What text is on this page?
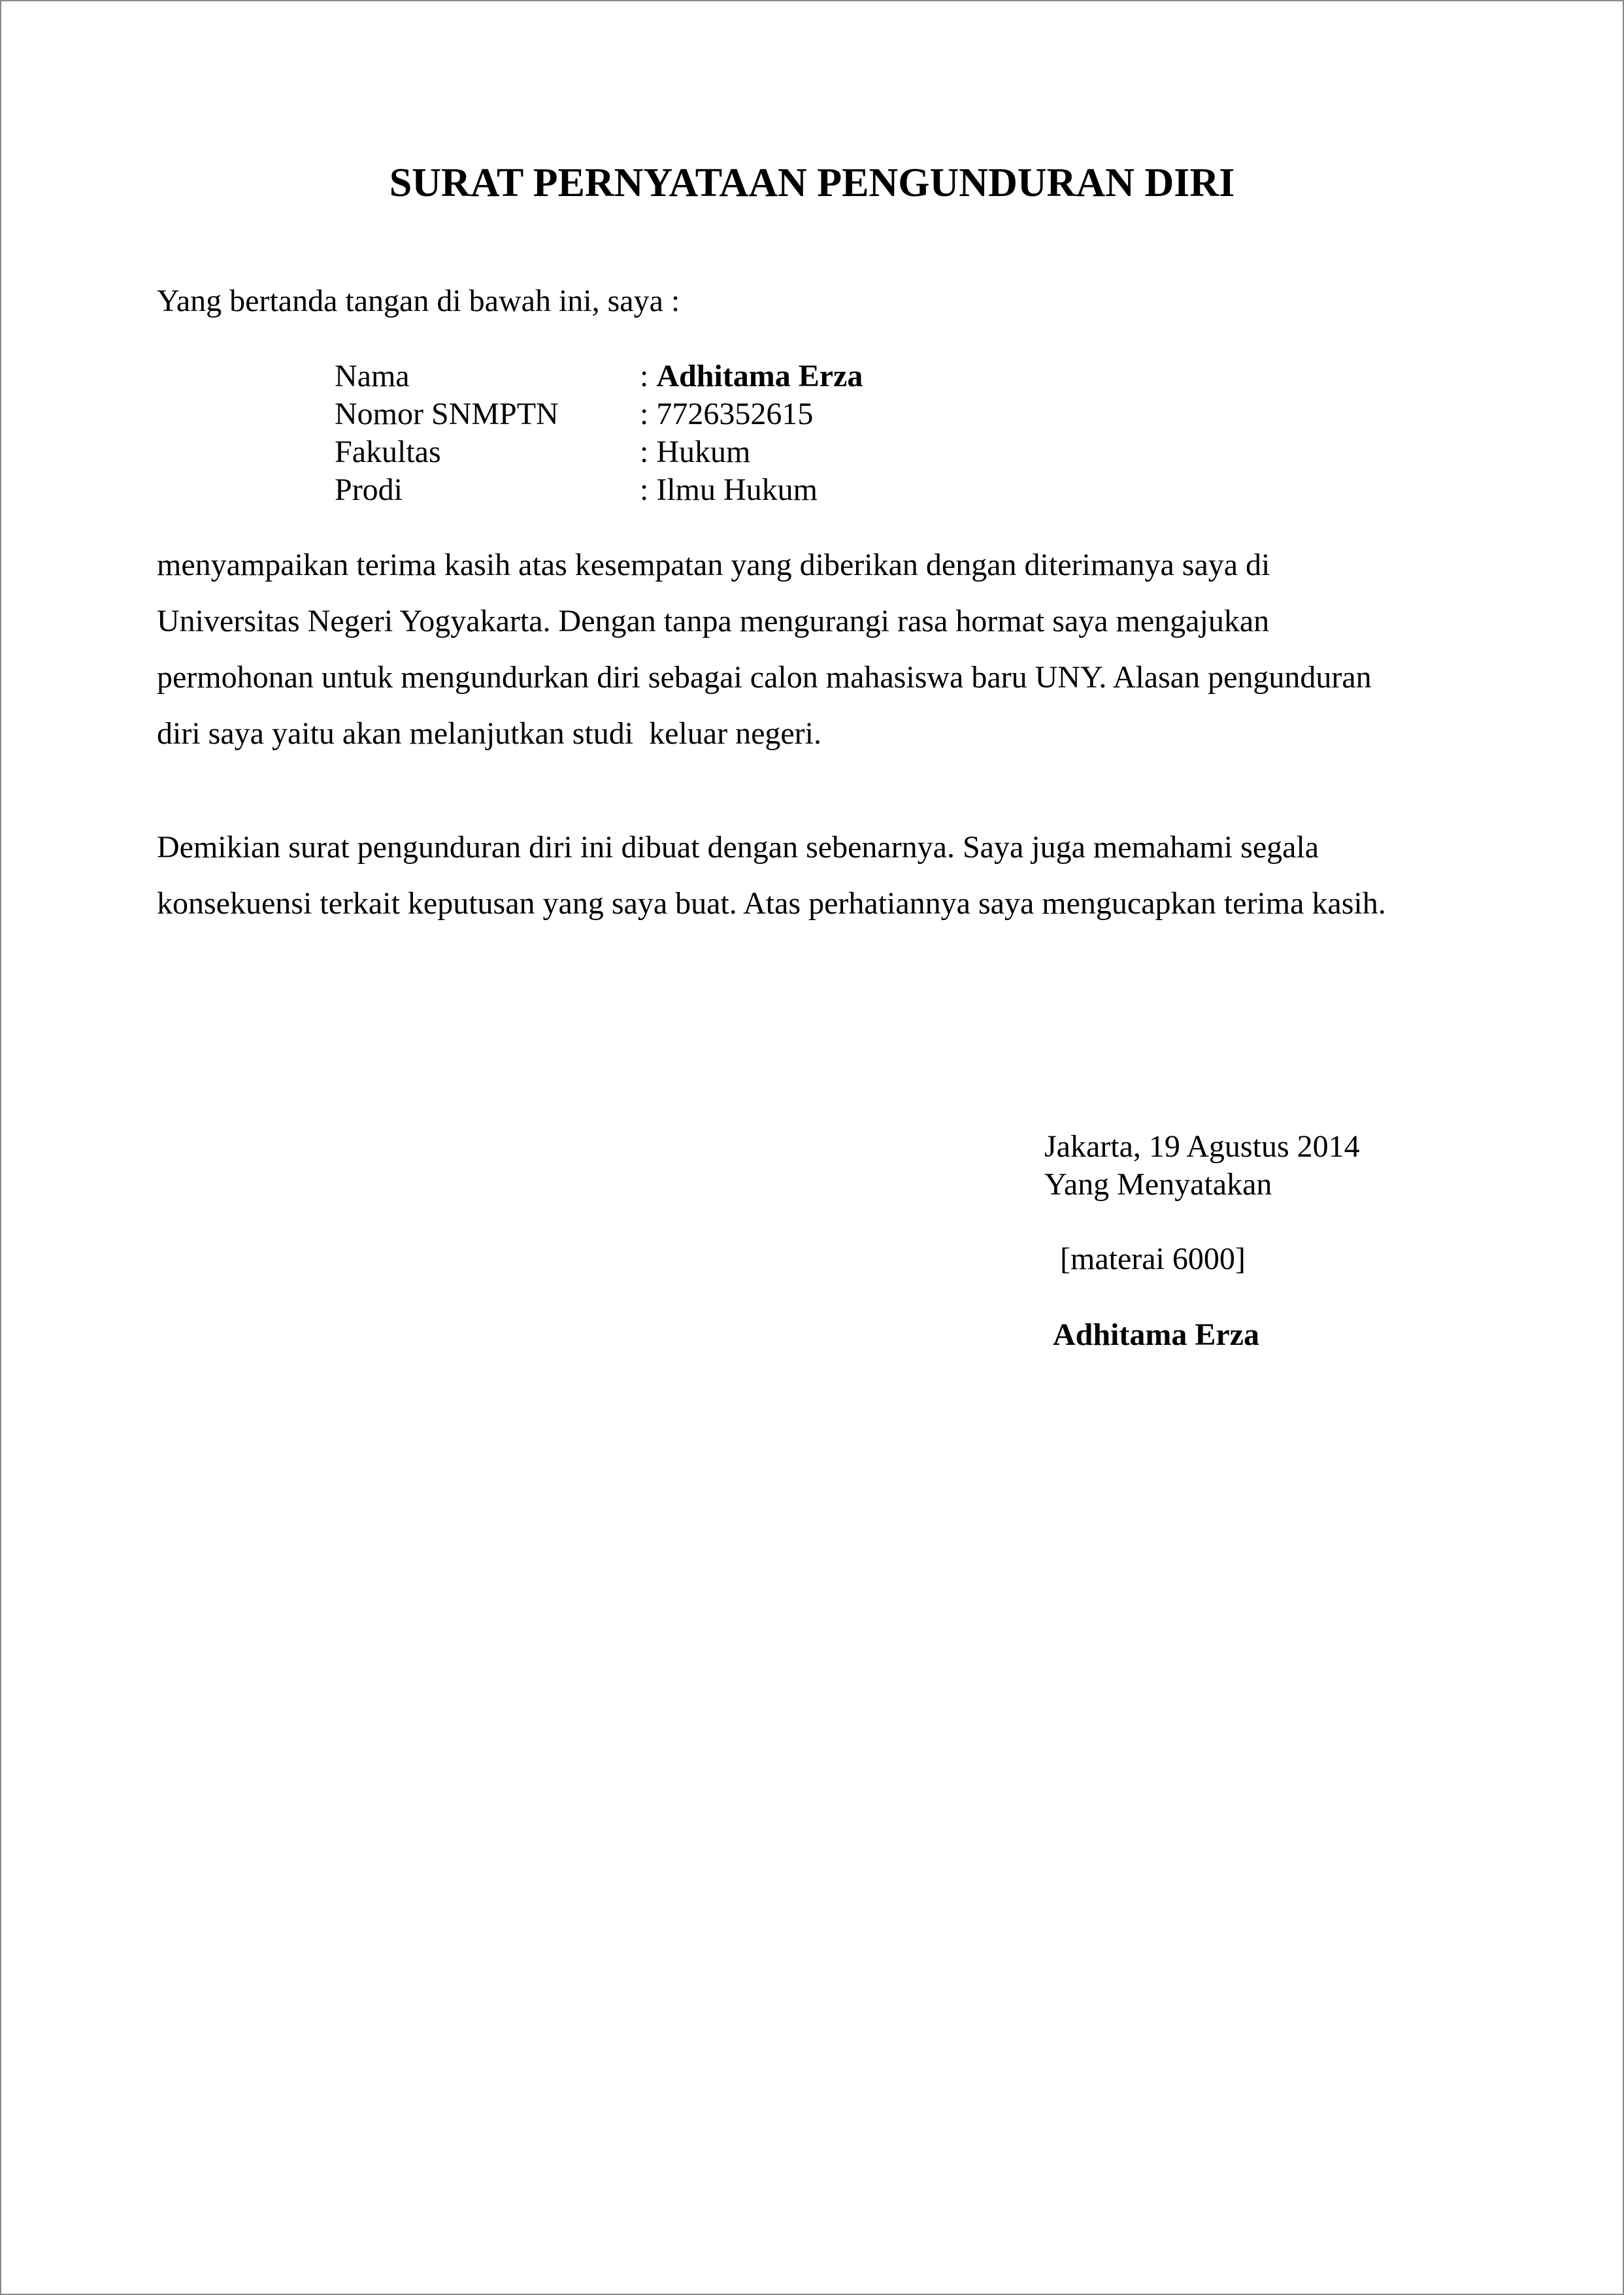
SURAT PERNYATAAN PENGUNDURAN DIRI

Yang bertanda tangan di bawah ini, saya :

Nama	: Adhitama Erza
Nomor SNMPTN	: 7726352615
Fakultas	: Hukum
Prodi	: Ilmu Hukum

menyampaikan terima kasih atas kesempatan yang diberikan dengan diterimanya saya di
Universitas Negeri Yogyakarta. Dengan tanpa mengurangi rasa hormat saya mengajukan
permohonan untuk mengundurkan diri sebagai calon mahasiswa baru UNY. Alasan pengunduran
diri saya yaitu akan melanjutkan studi  keluar negeri.

Demikian surat pengunduran diri ini dibuat dengan sebenarnya. Saya juga memahami segala
konsekuensi terkait keputusan yang saya buat. Atas perhatiannya saya mengucapkan terima kasih.

Jakarta, 19 Agustus 2014
Yang Menyatakan
[materai 6000]
Adhitama Erza
